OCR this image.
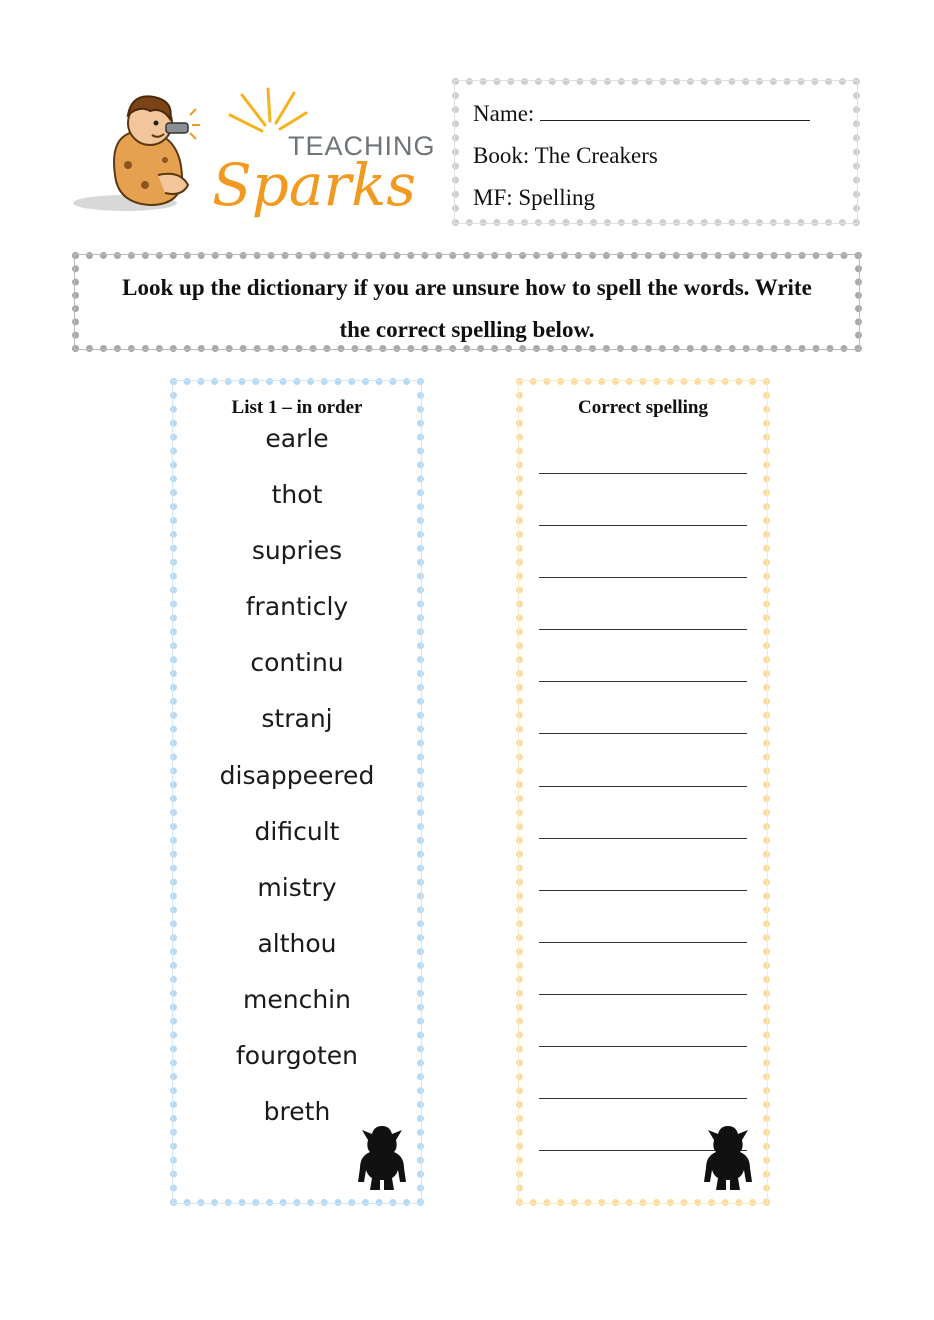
TEACHING
Sparks
Name:
Book: The Creakers
MF: Spelling
Look up the dictionary if you are unsure how to spell the words. Write
the correct spelling below.
List 1 – in order
earle
thot
supries
franticly
continu
stranj
disappeered
dificult
mistry
althou
menchin
fourgoten
breth
Correct spelling
